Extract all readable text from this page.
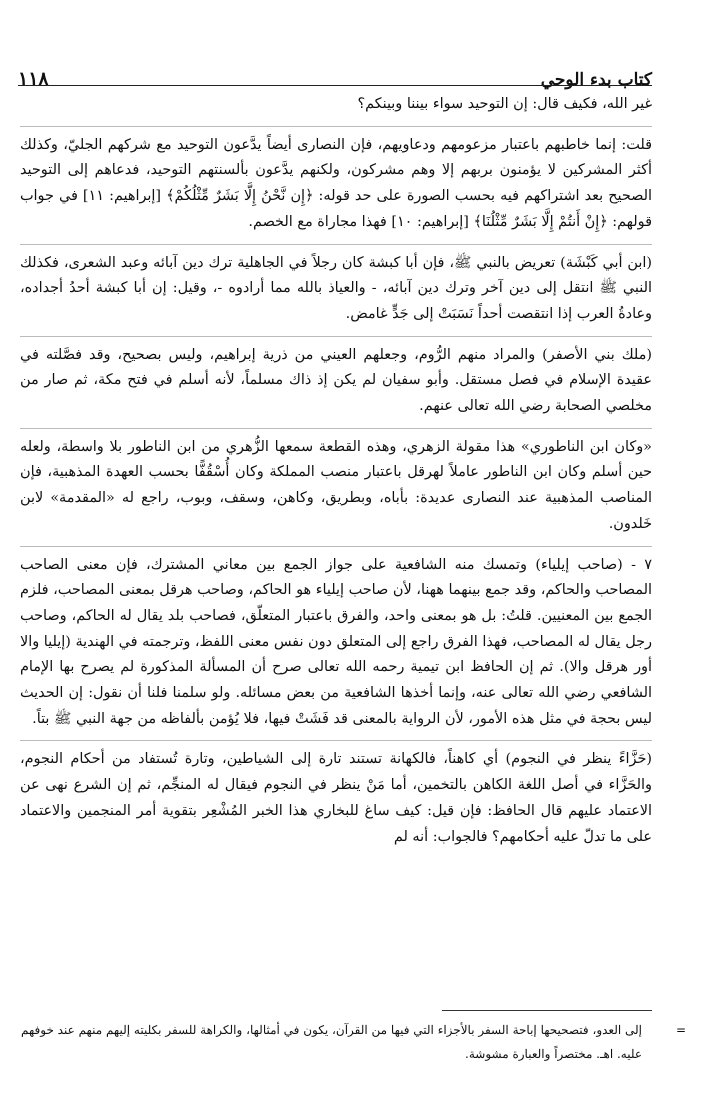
١١٨	كتاب بدء الوحي

غير الله، فكيف قال: إن التوحيد سواء بيننا وبينكم؟

قلت: إنما خاطبهم باعتبار مزعومهم ودعاويهم، فإن النصارى أيضاً يدَّعون التوحيد مع شركهم الجليّ، وكذلك أكثر المشركين لا يؤمنون بربهم إلا وهم مشركون، ولكنهم يدَّعون بألسنتهم التوحيد، فدعاهم إلى التوحيد الصحيح بعد اشتراكهم فيه بحسب الصورة على حد قوله: ﴿إِن نَّحْنُ إِلَّا بَشَرٌ مِّثْلُكُمْ﴾ [إبراهيم: ١١] في جواب قولهم: ﴿إِنْ أَنتُمْ إِلَّا بَشَرٌ مِّثْلُنَا﴾ [إبراهيم: ١٠] فهذا مجاراة مع الخصم.

(ابن أبي كَبْشَة) تعريض بالنبي ﷺ، فإن أبا كبشة كان رجلاً في الجاهلية ترك دين آبائه وعبد الشعرى، فكذلك النبي ﷺ انتقل إلى دين آخر وترك دين آبائه، - والعياذ بالله مما أرادوه -، وقيل: إن أبا كبشة أحدُ أجداده، وعادةُ العرب إذا انتقصت أحداً نَسَبَتْ إلى جَدٍّ غامض.

(ملك بني الأصفر) والمراد منهم الرُّوم، وجعلهم العيني من ذرية إبراهيم، وليس بصحيح، وقد فصَّلته في عقيدة الإسلام في فصل مستقل. وأبو سفيان لم يكن إذ ذاك مسلماً، لأنه أسلم في فتح مكة، ثم صار من مخلصي الصحابة رضي الله تعالى عنهم.

«وكان ابن الناطوري» هذا مقولة الزهري، وهذه القطعة سمعها الزُّهري من ابن الناطور بلا واسطة، ولعله حين أسلم وكان ابن الناطور عاملاً لهرقل باعتبار منصب المملكة وكان أُسْقُفًّا بحسب العهدة المذهبية، فإن المناصب المذهبية عند النصارى عديدة: بأباه، وبطريق، وكاهن، وسقف، وبوب، راجع له «المقدمة» لابن خَلدون.

٧ - (صاحب إيلياء) وتمسك منه الشافعية على جواز الجمع بين معاني المشترك، فإن معنى الصاحب المصاحب والحاكم، وقد جمع بينهما ههنا، لأن صاحب إيلياء هو الحاكم، وصاحب هرقل بمعنى المصاحب، فلزم الجمع بين المعنيين. قلتُ: بل هو بمعنى واحد، والفرق باعتبار المتعلّق، فصاحب بلد يقال له الحاكم، وصاحب رجل يقال له المصاحب، فهذا الفرق راجع إلى المتعلق دون نفس معنى اللفظ، وترجمته في الهندية (إيليا والا أور هرقل والا). ثم إن الحافظ ابن تيمية رحمه الله تعالى صرح أن المسألة المذكورة لم يصرح بها الإمام الشافعي رضي الله تعالى عنه، وإنما أخذها الشافعية من بعض مسائله. ولو سلمنا فلنا أن نقول: إن الحديث ليس بحجة في مثل هذه الأمور، لأن الرواية بالمعنى قد فَشَتْ فيها، فلا يُؤمن بألفاظه من جهة النبي ﷺ بتاً.

(حَزَّاءً ينظر في النجوم) أي كاهناً، فالكهانة تستند تارة إلى الشياطين، وتارة تُستفاد من أحكام النجوم، والحَزَّاء في أصل اللغة الكاهن بالتخمين، أما مَنْ ينظر في النجوم فيقال له المنجِّم، ثم إن الشرع نهى عن الاعتماد عليهم قال الحافظ: فإن قيل: كيف ساغ للبخاري هذا الخبر المُشْعِر بتقوية أمر المنجمين والاعتماد على ما تدلّ عليه أحكامهم؟ فالجواب: أنه لم

=
إلى العدو، فتصحيحها إباحة السفر بالأجزاء التي فيها من القرآن، يكون في أمثالها، والكراهة للسفر بكليته إليهم منهم عند خوفهم عليه. اهـ. مختصراً والعبارة مشوشة.
